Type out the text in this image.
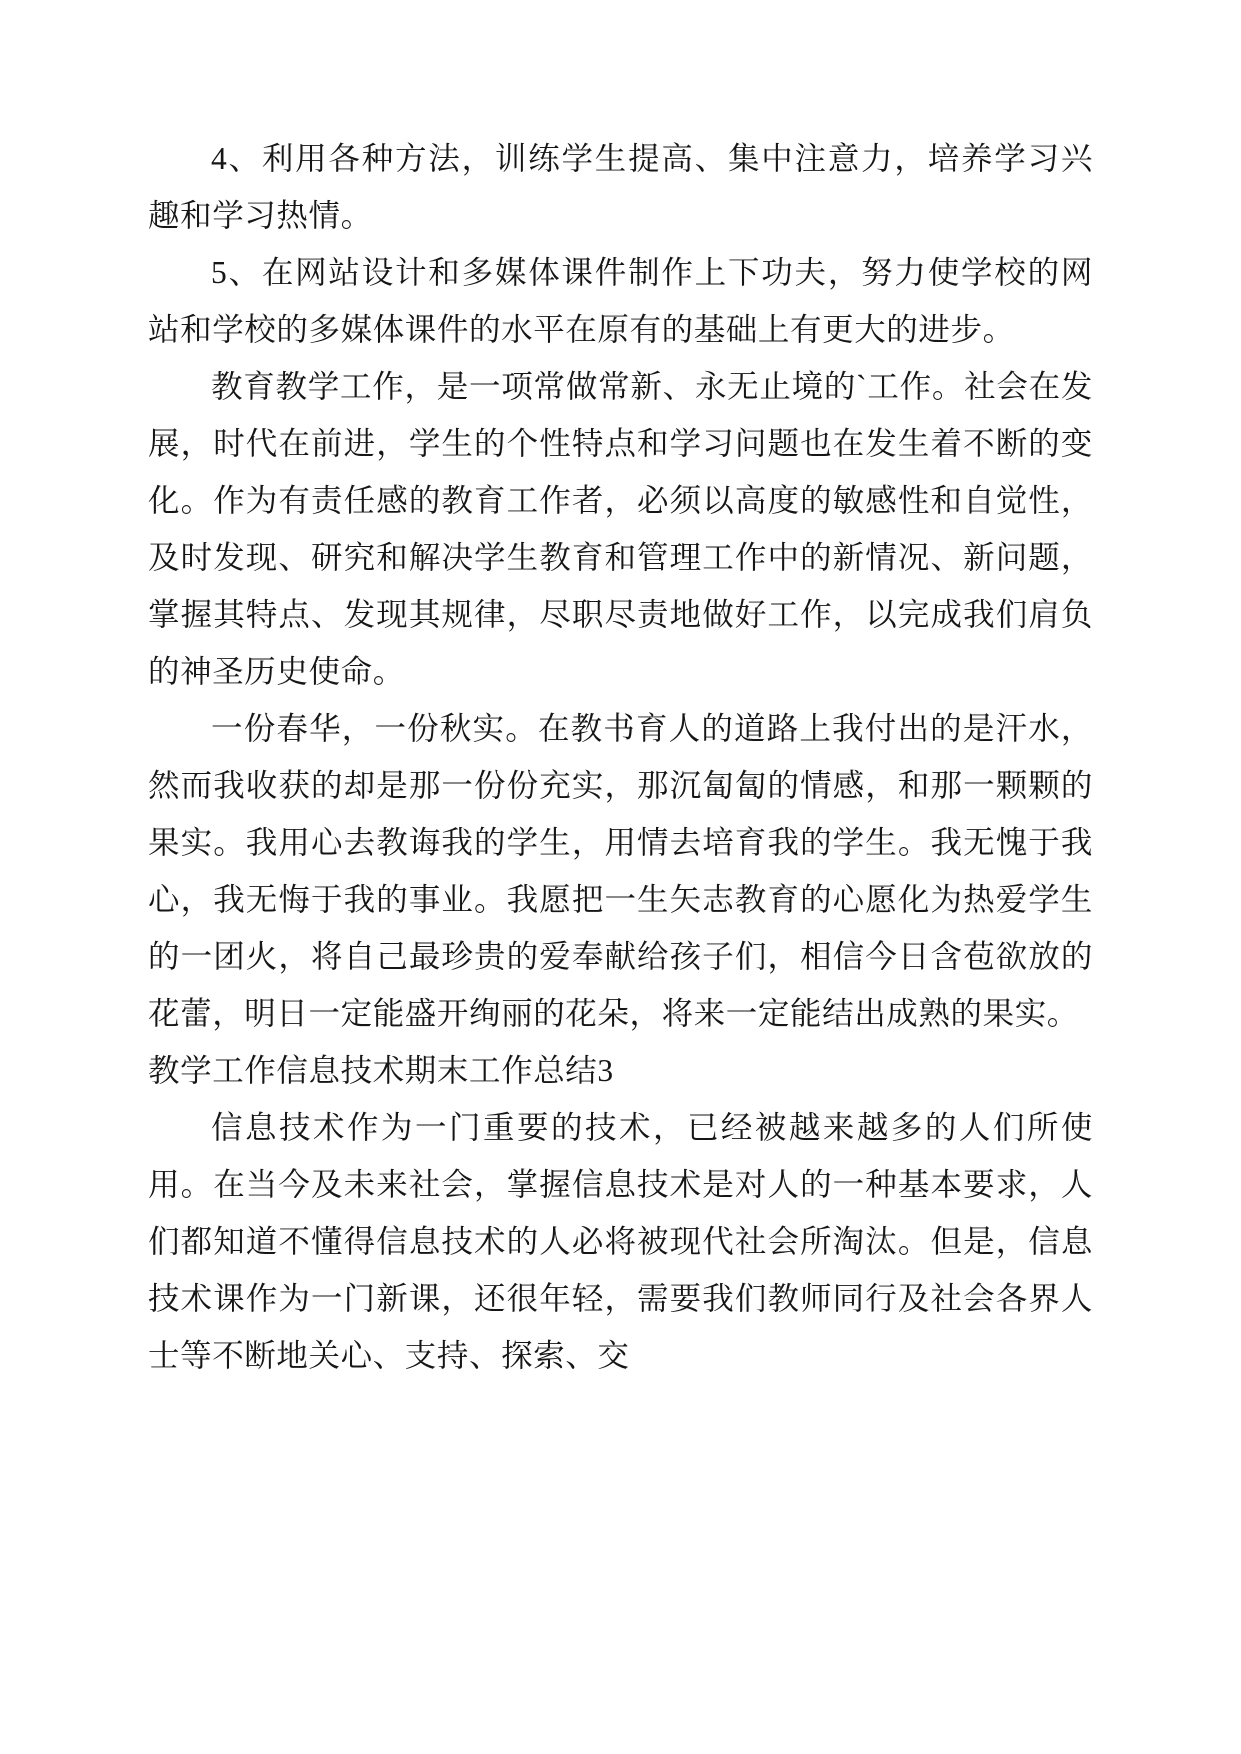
4、利用各种方法，训练学生提高、集中注意力，培养学习兴趣和学习热情。

5、在网站设计和多媒体课件制作上下功夫，努力使学校的网站和学校的多媒体课件的水平在原有的基础上有更大的进步。

教育教学工作，是一项常做常新、永无止境的`工作。社会在发展，时代在前进，学生的个性特点和学习问题也在发生着不断的变化。作为有责任感的教育工作者，必须以高度的敏感性和自觉性，及时发现、研究和解决学生教育和管理工作中的新情况、新问题，掌握其特点、发现其规律，尽职尽责地做好工作，以完成我们肩负的神圣历史使命。

一份春华，一份秋实。在教书育人的道路上我付出的是汗水，然而我收获的却是那一份份充实，那沉匐匐的情感，和那一颗颗的果实。我用心去教诲我的学生，用情去培育我的学生。我无愧于我心，我无悔于我的事业。我愿把一生矢志教育的心愿化为热爱学生的一团火，将自己最珍贵的爱奉献给孩子们，相信今日含苞欲放的花蕾，明日一定能盛开绚丽的花朵，将来一定能结出成熟的果实。

教学工作信息技术期末工作总结3

信息技术作为一门重要的技术，已经被越来越多的人们所使用。在当今及未来社会，掌握信息技术是对人的一种基本要求，人们都知道不懂得信息技术的人必将被现代社会所淘汰。但是，信息技术课作为一门新课，还很年轻，需要我们教师同行及社会各界人士等不断地关心、支持、探索、交
